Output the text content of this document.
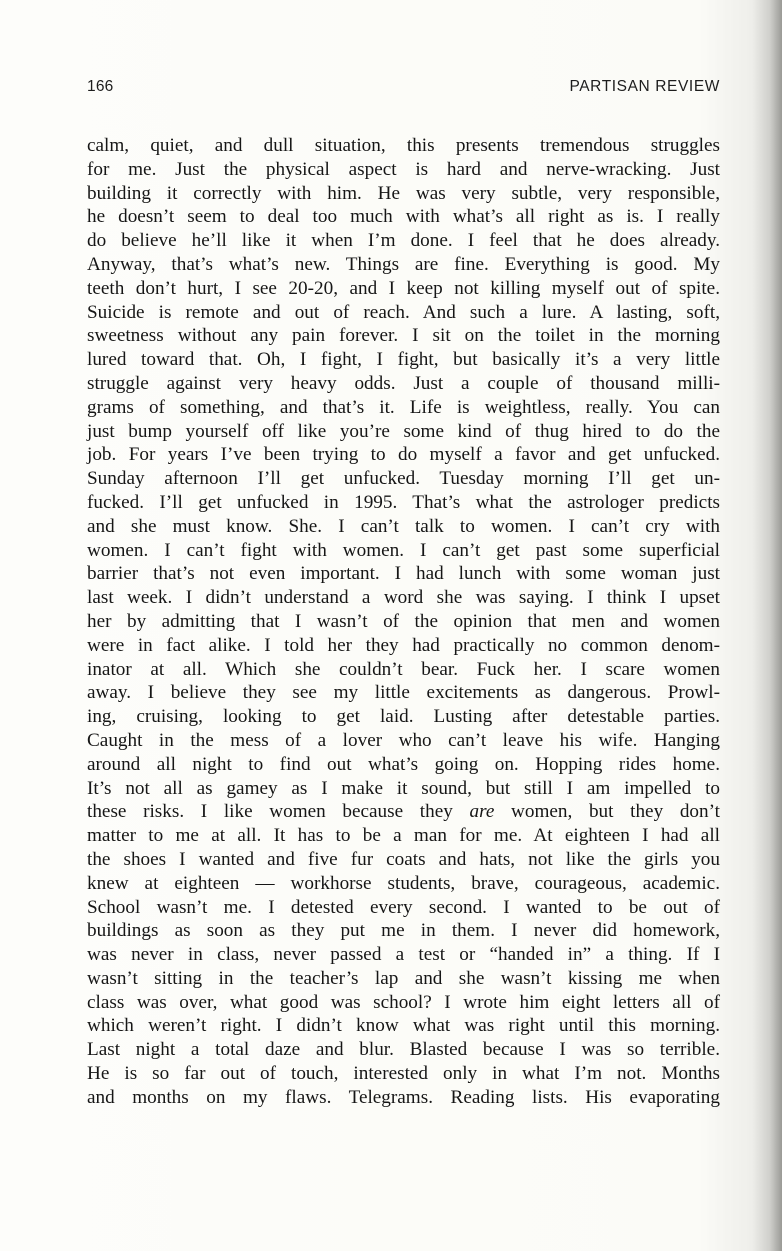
166	PARTISAN REVIEW
calm, quiet, and dull situation, this presents tremendous struggles
for me. Just the physical aspect is hard and nerve-wracking. Just
building it correctly with him. He was very subtle, very responsible,
he doesn’t seem to deal too much with what’s all right as is. I really
do believe he’ll like it when I’m done. I feel that he does already.
Anyway, that’s what’s new. Things are fine. Everything is good. My
teeth don’t hurt, I see 20-20, and I keep not killing myself out of spite.
Suicide is remote and out of reach. And such a lure. A lasting, soft,
sweetness without any pain forever. I sit on the toilet in the morning
lured toward that. Oh, I fight, I fight, but basically it’s a very little
struggle against very heavy odds. Just a couple of thousand milli-
grams of something, and that’s it. Life is weightless, really. You can
just bump yourself off like you’re some kind of thug hired to do the
job. For years I’ve been trying to do myself a favor and get unfucked.
Sunday afternoon I’ll get unfucked. Tuesday morning I’ll get un-
fucked. I’ll get unfucked in 1995. That’s what the astrologer predicts
and she must know. She. I can’t talk to women. I can’t cry with
women. I can’t fight with women. I can’t get past some superficial
barrier that’s not even important. I had lunch with some woman just
last week. I didn’t understand a word she was saying. I think I upset
her by admitting that I wasn’t of the opinion that men and women
were in fact alike. I told her they had practically no common denom-
inator at all. Which she couldn’t bear. Fuck her. I scare women
away. I believe they see my little excitements as dangerous. Prowl-
ing, cruising, looking to get laid. Lusting after detestable parties.
Caught in the mess of a lover who can’t leave his wife. Hanging
around all night to find out what’s going on. Hopping rides home.
It’s not all as gamey as I make it sound, but still I am impelled to
these risks. I like women because they are women, but they don’t
matter to me at all. It has to be a man for me. At eighteen I had all
the shoes I wanted and five fur coats and hats, not like the girls you
knew at eighteen — workhorse students, brave, courageous, academic.
School wasn’t me. I detested every second. I wanted to be out of
buildings as soon as they put me in them. I never did homework,
was never in class, never passed a test or “handed in” a thing. If I
wasn’t sitting in the teacher’s lap and she wasn’t kissing me when
class was over, what good was school? I wrote him eight letters all of
which weren’t right. I didn’t know what was right until this morning.
Last night a total daze and blur. Blasted because I was so terrible.
He is so far out of touch, interested only in what I’m not. Months
and months on my flaws. Telegrams. Reading lists. His evaporating
